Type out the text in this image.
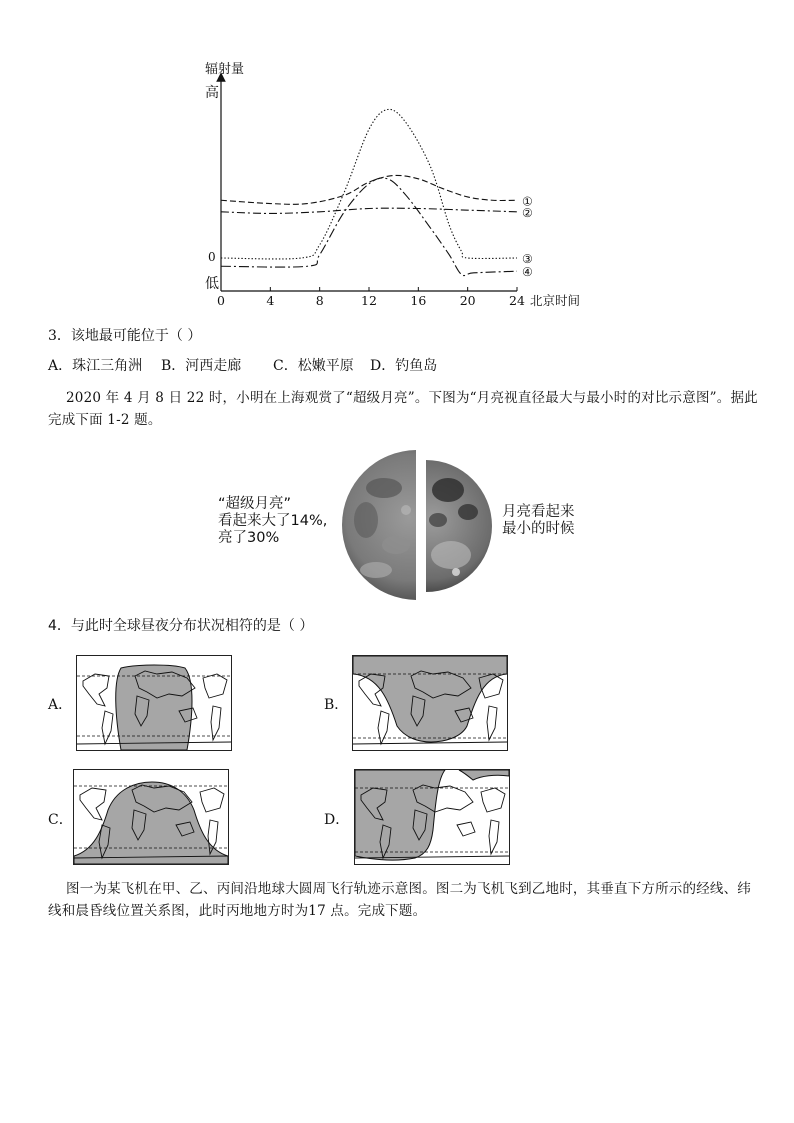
辐射量
高
0
低
0	4	8	12	16	20	24 北京时间
①
②
③
④
3．该地最可能位于（ ）
A．珠江三角洲 B．河西走廊 C．松嫩平原 D．钓鱼岛
2020 年 4 月 8 日 22 时，小明在上海观赏了“超级月亮”。下图为“月亮视直径最大与最小时的对比示意图”。据此完成下面 1-2 题。
“超级月亮”
看起来大了14%,
亮了30%
月亮看起来
最小的时候
4．与此时全球昼夜分布状况相符的是（ ）
A．	B．
C．	D．
图一为某飞机在甲、乙、丙间沿地球大圆周飞行轨迹示意图。图二为飞机飞到乙地时，其垂直下方所示的经线、纬线和晨昏线位置关系图，此时丙地地方时为17 点。完成下题。
